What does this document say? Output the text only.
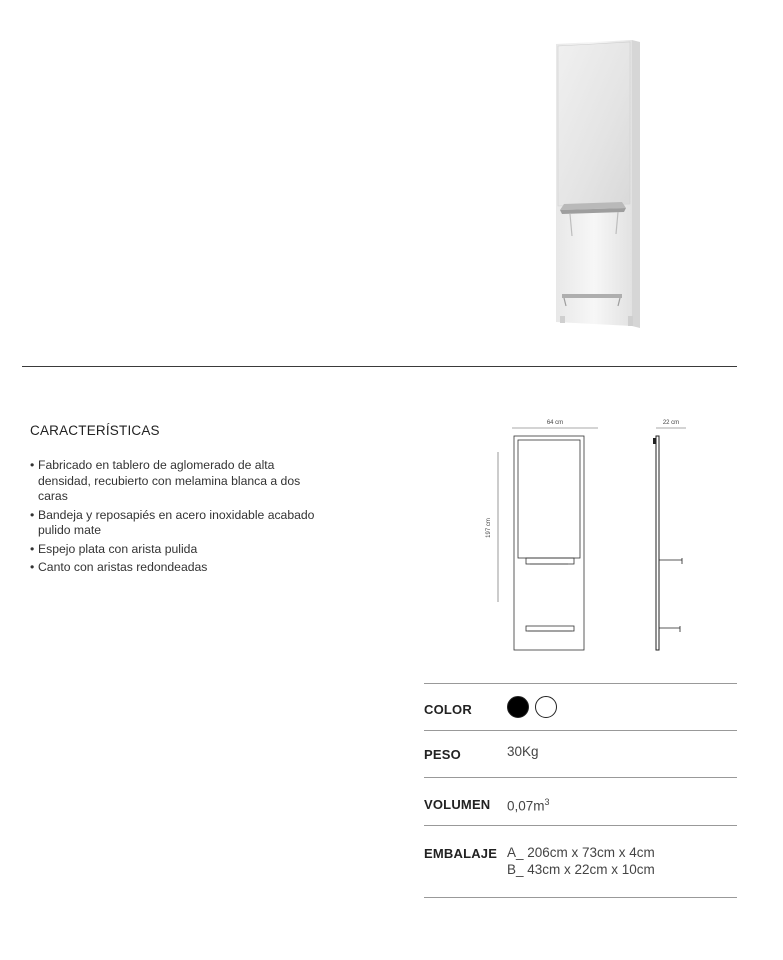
CARACTERÍSTICAS
• Fabricado en tablero de aglomerado de alta densidad, recubierto con melamina blanca a dos caras
• Bandeja y reposapiés en acero inoxidable acabado pulido mate
• Espejo plata con arista pulida
• Canto con aristas redondeadas
64 cm
197 cm
22 cm
COLOR
PESO	30Kg
VOLUMEN $0,07m^3$
EMBALAJE A_ 206cm x 73cm x 4cm
B_ 43cm x 22cm x 10cm
